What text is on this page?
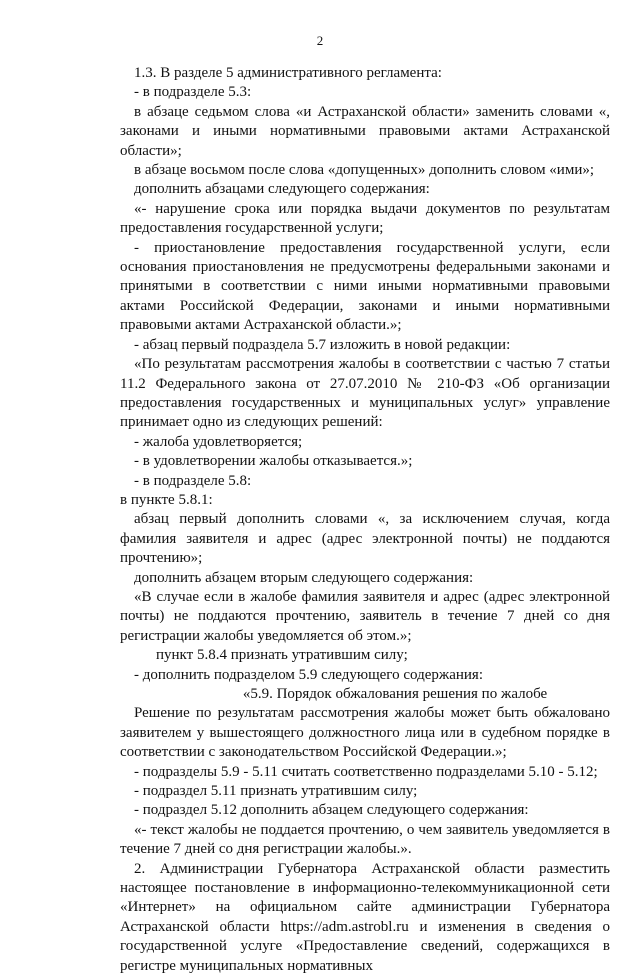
2

1.3. В разделе 5 административного регламента:

- в подразделе 5.3:

в абзаце седьмом слова «и Астраханской области» заменить словами «, законами и иными нормативными правовыми актами Астраханской области»;

в абзаце восьмом после слова «допущенных» дополнить словом «ими»;

дополнить абзацами следующего содержания:

«- нарушение срока или порядка выдачи документов по результатам предоставления государственной услуги;

- приостановление предоставления государственной услуги, если основания приостановления не предусмотрены федеральными законами и принятыми в соответствии с ними иными нормативными правовыми актами Российской Федерации, законами и иными нормативными правовыми актами Астраханской области.»;

- абзац первый подраздела 5.7 изложить в новой редакции:

«По результатам рассмотрения жалобы в соответствии с частью 7 статьи 11.2 Федерального закона от 27.07.2010 № 210-ФЗ «Об организации предоставления государственных и муниципальных услуг» управление принимает одно из следующих решений:

- жалоба удовлетворяется;

- в удовлетворении жалобы отказывается.»;

- в подразделе 5.8:

в пункте 5.8.1:

абзац первый дополнить словами «, за исключением случая, когда фамилия заявителя и адрес (адрес электронной почты) не поддаются прочтению»;

дополнить абзацем вторым следующего содержания:

«В случае если в жалобе фамилия заявителя и адрес (адрес электронной почты) не поддаются прочтению, заявитель в течение 7 дней со дня регистрации жалобы уведомляется об этом.»;

пункт 5.8.4 признать утратившим силу;

- дополнить подразделом 5.9 следующего содержания:

«5.9. Порядок обжалования решения по жалобе

Решение по результатам рассмотрения жалобы может быть обжаловано заявителем у вышестоящего должностного лица или в судебном порядке в соответствии с законодательством Российской Федерации.»;

- подразделы 5.9 - 5.11 считать соответственно подразделами 5.10 - 5.12;

- подраздел 5.11 признать утратившим силу;

- подраздел 5.12 дополнить абзацем следующего содержания:

«- текст жалобы не поддается прочтению, о чем заявитель уведомляется в течение 7 дней со дня регистрации жалобы.».

2. Администрации Губернатора Астраханской области разместить настоящее постановление в информационно-телекоммуникационной сети «Интернет» на официальном сайте администрации Губернатора Астраханской области https://adm.astrobl.ru и изменения в сведения о государственной услуге «Предоставление сведений, содержащихся в регистре муниципальных нормативных
